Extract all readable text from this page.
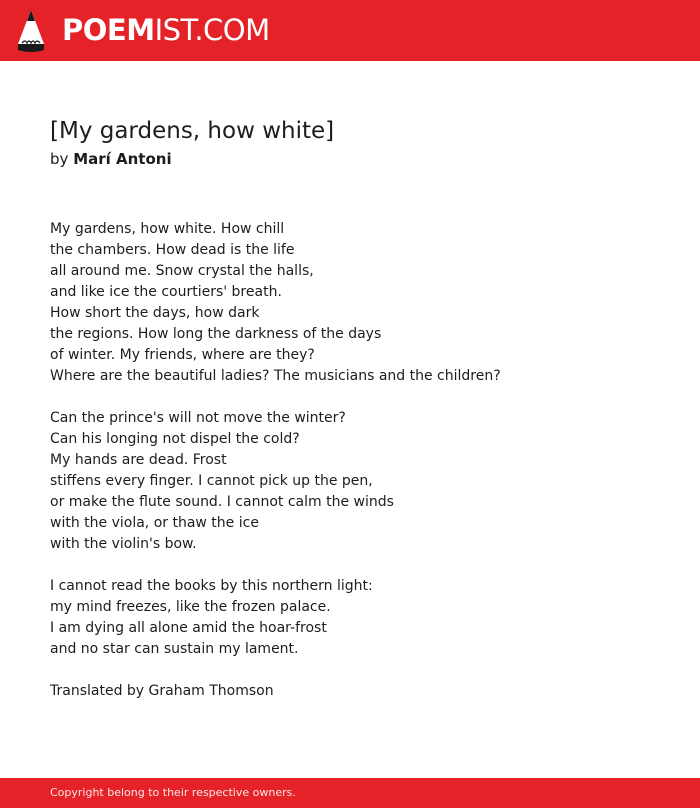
POEMIST.COM
[My gardens, how white]
by Marí Antoni
My gardens, how white. How chill
the chambers. How dead is the life
all around me. Snow crystal the halls,
and like ice the courtiers' breath.
How short the days, how dark
the regions. How long the darkness of the days
of winter. My friends, where are they?
Where are the beautiful ladies? The musicians and the children?
Can the prince's will not move the winter?
Can his longing not dispel the cold?
My hands are dead. Frost
stiffens every finger. I cannot pick up the pen,
or make the flute sound. I cannot calm the winds
with the viola, or thaw the ice
with the violin's bow.
I cannot read the books by this northern light:
my mind freezes, like the frozen palace.
I am dying all alone amid the hoar-frost
and no star can sustain my lament.
Translated by Graham Thomson
Copyright belong to their respective owners.
